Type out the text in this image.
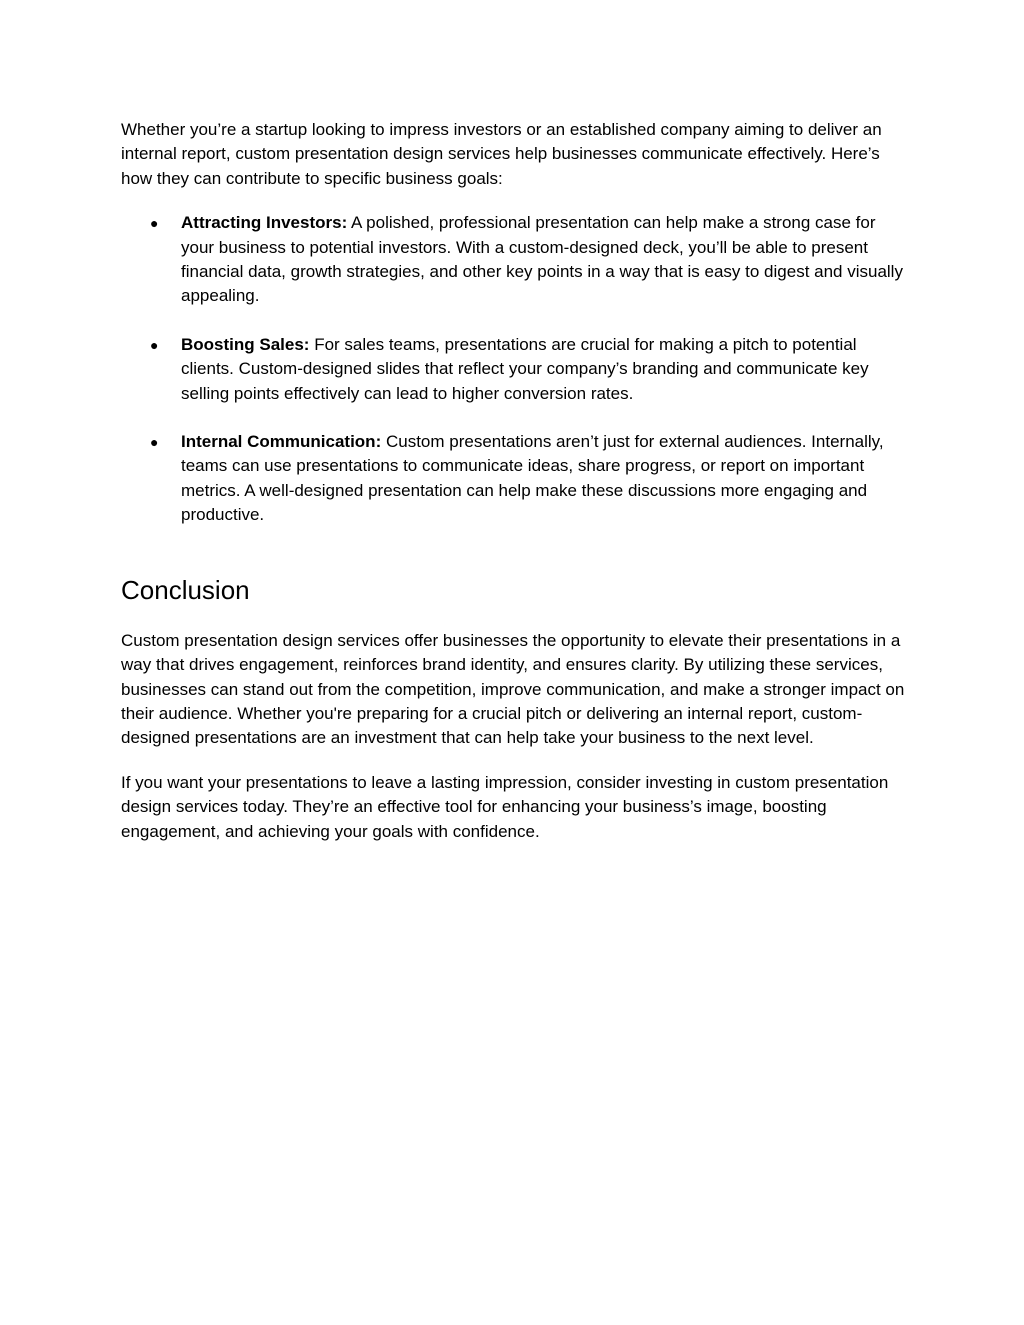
Whether you’re a startup looking to impress investors or an established company aiming to deliver an internal report, custom presentation design services help businesses communicate effectively. Here’s how they can contribute to specific business goals:

● Attracting Investors: A polished, professional presentation can help make a strong case for your business to potential investors. With a custom-designed deck, you’ll be able to present financial data, growth strategies, and other key points in a way that is easy to digest and visually appealing.
● Boosting Sales: For sales teams, presentations are crucial for making a pitch to potential clients. Custom-designed slides that reflect your company’s branding and communicate key selling points effectively can lead to higher conversion rates.
● Internal Communication: Custom presentations aren’t just for external audiences. Internally, teams can use presentations to communicate ideas, share progress, or report on important metrics. A well-designed presentation can help make these discussions more engaging and productive.
Conclusion

Custom presentation design services offer businesses the opportunity to elevate their presentations in a way that drives engagement, reinforces brand identity, and ensures clarity. By utilizing these services, businesses can stand out from the competition, improve communication, and make a stronger impact on their audience. Whether you're preparing for a crucial pitch or delivering an internal report, custom-designed presentations are an investment that can help take your business to the next level.

If you want your presentations to leave a lasting impression, consider investing in custom presentation design services today. They’re an effective tool for enhancing your business’s image, boosting engagement, and achieving your goals with confidence.
